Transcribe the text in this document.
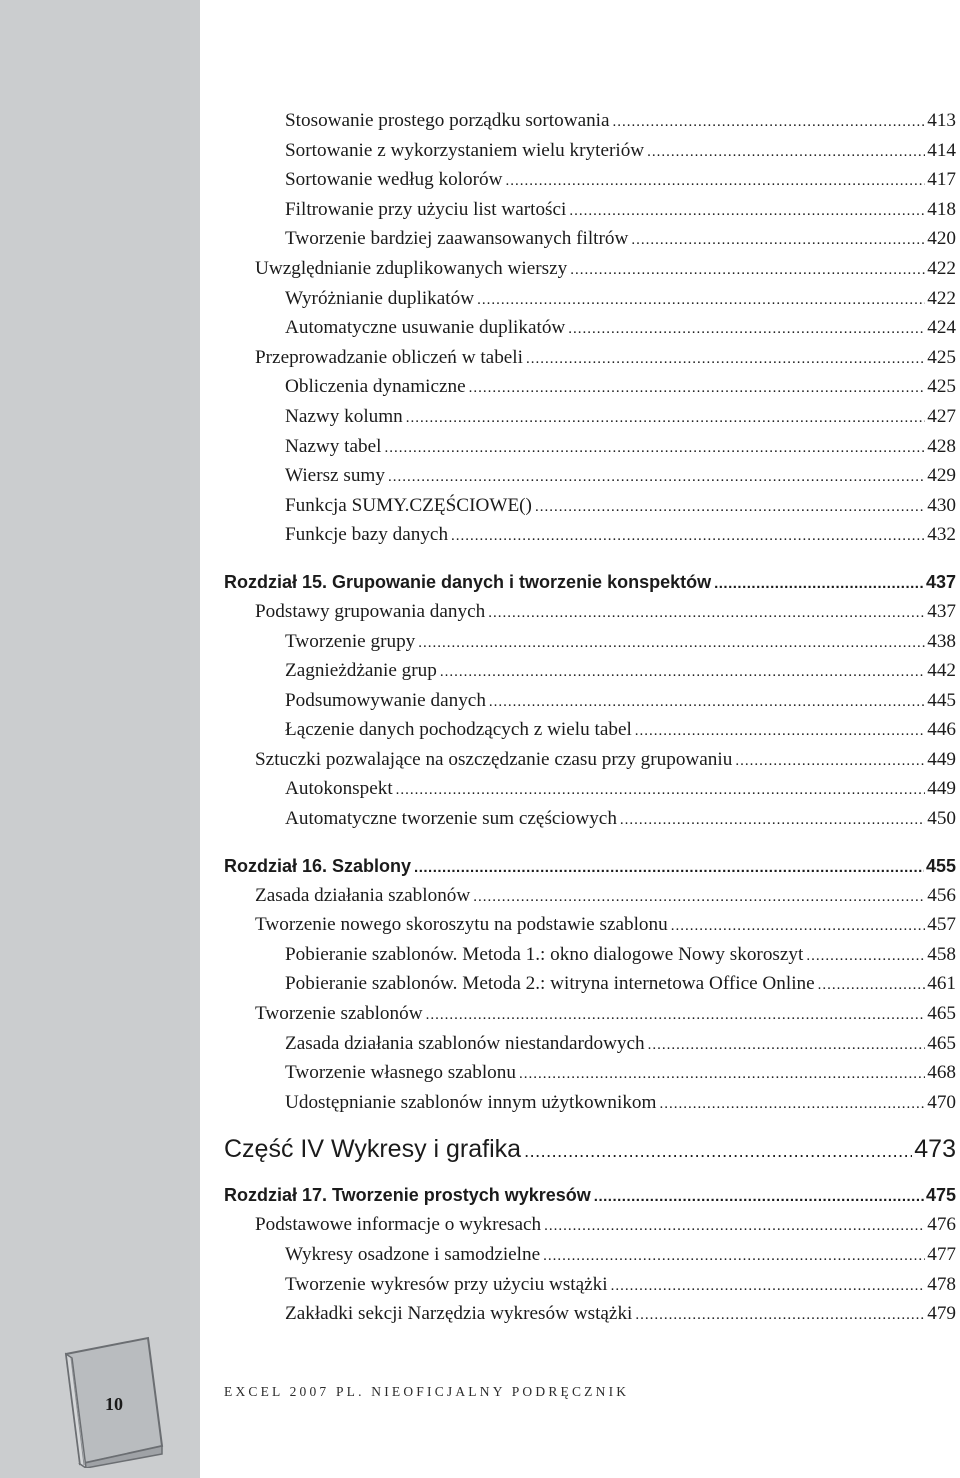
Stosowanie prostego porządku sortowania .....	413
Sortowanie z wykorzystaniem wielu kryteriów .....	414
Sortowanie według kolorów .....	417
Filtrowanie przy użyciu list wartości .....	418
Tworzenie bardziej zaawansowanych filtrów .....	420
Uwzględnianie zduplikowanych wierszy .....	422
Wyróżnianie duplikatów .....	422
Automatyczne usuwanie duplikatów .....	424
Przeprowadzanie obliczeń w tabeli .....	425
Obliczenia dynamiczne .....	425
Nazwy kolumn .....	427
Nazwy tabel .....	428
Wiersz sumy .....	429
Funkcja SUMY.CZĘŚCIOWE() .....	430
Funkcje bazy danych .....	432
Rozdział 15. Grupowanie danych i tworzenie konspektów .....	437
Podstawy grupowania danych .....	437
Tworzenie grupy .....	438
Zagnieżdżanie grup .....	442
Podsumowywanie danych .....	445
Łączenie danych pochodzących z wielu tabel .....	446
Sztuczki pozwalające na oszczędzanie czasu przy grupowaniu .....	449
Autokonspekt .....	449
Automatyczne tworzenie sum częściowych .....	450
Rozdział 16. Szablony .....	455
Zasada działania szablonów .....	456
Tworzenie nowego skoroszytu na podstawie szablonu .....	457
Pobieranie szablonów. Metoda 1.: okno dialogowe Nowy skoroszyt .....	458
Pobieranie szablonów. Metoda 2.: witryna internetowa Office Online .....	461
Tworzenie szablonów .....	465
Zasada działania szablonów niestandardowych .....	465
Tworzenie własnego szablonu .....	468
Udostępnianie szablonów innym użytkownikom .....	470
Część IV Wykresy i grafika .....	473
Rozdział 17. Tworzenie prostych wykresów .....	475
Podstawowe informacje o wykresach .....	476
Wykresy osadzone i samodzielne .....	477
Tworzenie wykresów przy użyciu wstążki .....	478
Zakładki sekcji Narzędzia wykresów wstążki .....	479
EXCEL 2007 PL. NIEOFICJALNY PODRĘCZNIK
10
